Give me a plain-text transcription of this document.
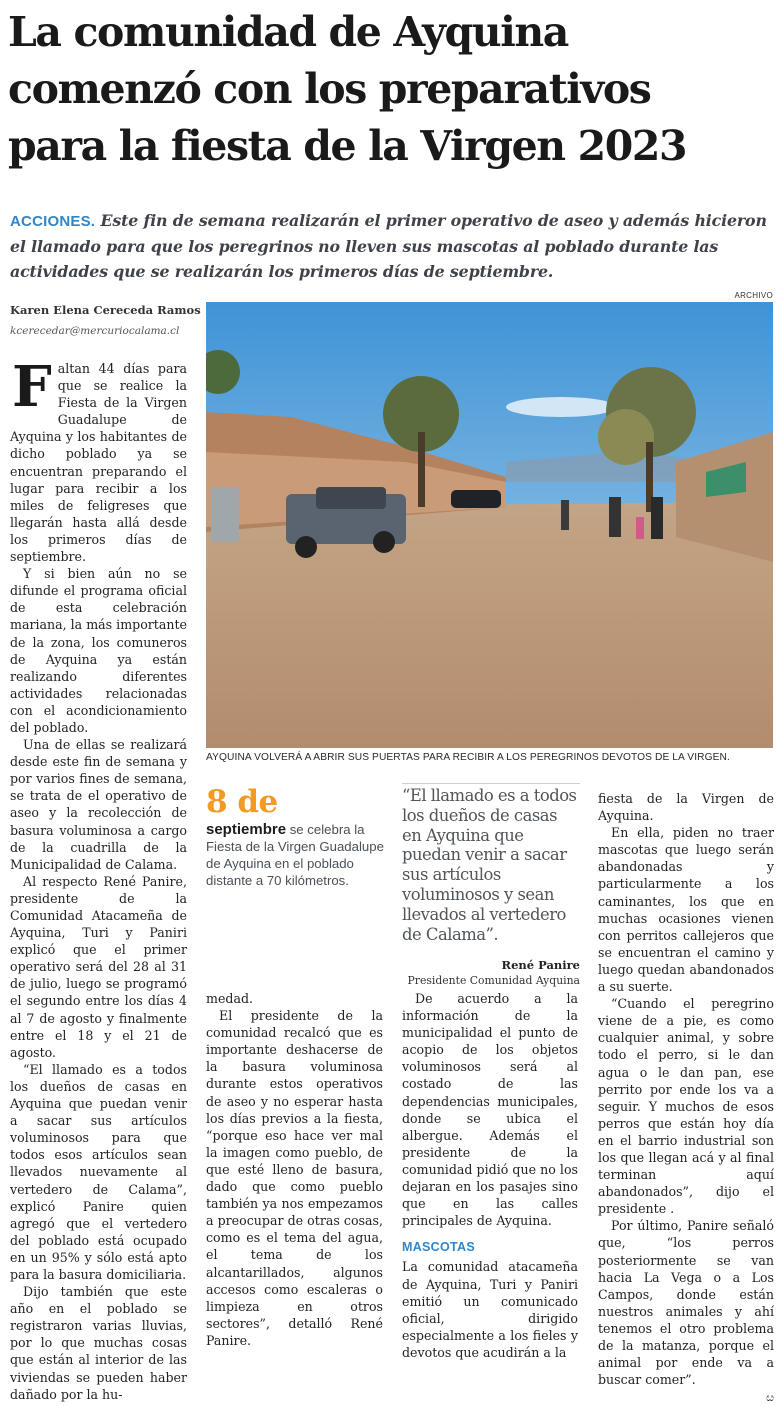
La comunidad de Ayquina
comenzó con los preparativos
para la fiesta de la Virgen 2023
ACCIONES. Este fin de semana realizarán el primer operativo de aseo y además hicieron el llamado para que los peregrinos no lleven sus mascotas al poblado durante las actividades que se realizarán los primeros días de septiembre.
Karen Elena Cereceda Ramos
kcerecedar@mercuriocalama.cl
ARCHIVO
AYQUINA VOLVERÁ A ABRIR SUS PUERTAS PARA RECIBIR A LOS PEREGRINOS DEVOTOS DE LA VIRGEN.
F altan 44 días para que se realice la Fiesta de la Virgen Guadalupe de Ayquina y los habitantes de dicho poblado ya se encuentran preparando el lugar para recibir a los miles de feligreses que llegarán hasta allá desde los primeros días de septiembre.

Y si bien aún no se difunde el programa oficial de esta celebración mariana, la más importante de la zona, los comuneros de Ayquina ya están realizando diferentes actividades relacionadas con el acondicionamiento del poblado.

Una de ellas se realizará desde este fin de semana y por varios fines de semana, se trata de el operativo de aseo y la recolección de basura voluminosa a cargo de la cuadrilla de la Municipalidad de Calama.

Al respecto René Panire, presidente de la Comunidad Atacameña de Ayquina, Turi y Paniri explicó que el primer operativo será del 28 al 31 de julio, luego se programó el segundo entre los días 4 al 7 de agosto y finalmente entre el 18 y el 21 de agosto.

“El llamado es a todos los dueños de casas en Ayquina que puedan venir a sacar sus artículos voluminosos para que todos esos artículos sean llevados nuevamente al vertedero de Calama”, explicó Panire quien agregó que el vertedero del poblado está ocupado en un 95% y sólo está apto para la basura domiciliaria.

Dijo también que este año en el poblado se registraron varias lluvias, por lo que muchas cosas que están al interior de las viviendas se pueden haber dañado por la hu-

8 de
septiembre se celebra la Fiesta de la Virgen Guadalupe de Ayquina en el poblado distante a 70 kilómetros.
“El llamado es a todos los dueños de casas en Ayquina que puedan venir a sacar sus artículos voluminosos y sean llevados al vertedero de Calama”.
René Panire
Presidente Comunidad Ayquina

medad.

El presidente de la comunidad recalcó que es importante deshacerse de la basura voluminosa durante estos operativos de aseo y no esperar hasta los días previos a la fiesta, “porque eso hace ver mal la imagen como pueblo, de que esté lleno de basura, dado que como pueblo también ya nos empezamos a preocupar de otras cosas, como es el tema del agua, el tema de los alcantarillados, algunos accesos como escaleras o limpieza en otros sectores”, detalló René Panire.

De acuerdo a la información de la municipalidad el punto de acopio de los objetos voluminosos será al costado de las dependencias municipales, donde se ubica el albergue. Además el presidente de la comunidad pidió que no los dejaran en los pasajes sino que en las calles principales de Ayquina.

MASCOTAS

La comunidad atacameña de Ayquina, Turi y Paniri emitió un comunicado oficial, dirigido especialmente a los fieles y devotos que acudirán a la

fiesta de la Virgen de Ayquina.

En ella, piden no traer mascotas que luego serán abandonadas y particularmente a los caminantes, los que en muchas ocasiones vienen con perritos callejeros que se encuentran el camino y luego quedan abandonados a su suerte.

“Cuando el peregrino viene de a pie, es como cualquier animal, y sobre todo el perro, si le dan agua o le dan pan, ese perrito por ende los va a seguir. Y muchos de esos perros que están hoy día en el barrio industrial son los que llegan acá y al final terminan aquí abandonados”, dijo el presidente .

Por último, Panire señaló que, “los perros posteriormente se van hacia La Vega o a Los Campos, donde están nuestros animales y ahí tenemos el otro problema de la matanza, porque el animal por ende va a buscar comer”.

ೞ
